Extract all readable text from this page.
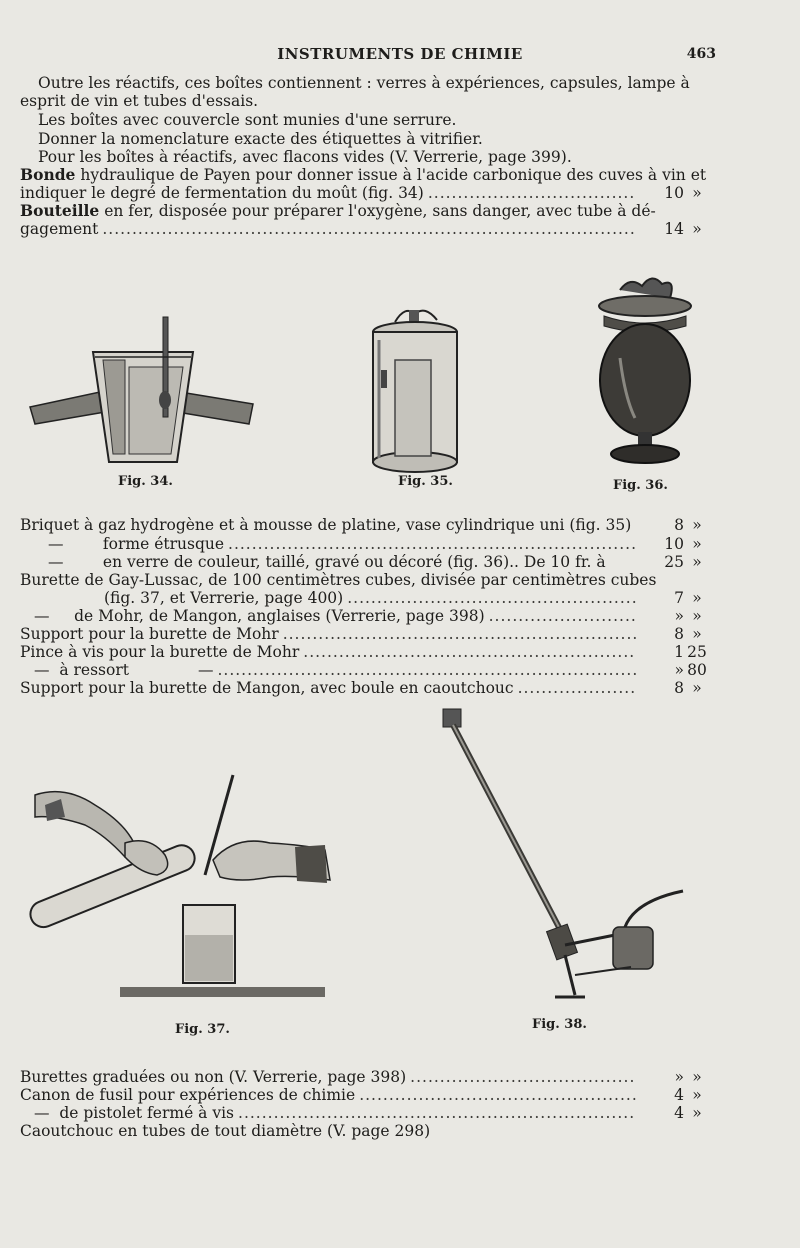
INSTRUMENTS DE CHIMIE	463
Outre les réactifs, ces boîtes contiennent : verres à expériences, capsules, lampe à
esprit de vin et tubes d'essais.
Les boîtes avec couvercle sont munies d'une serrure.
Donner la nomenclature exacte des étiquettes à vitrifier.
Pour les boîtes à réactifs, avec flacons vides (V. Verrerie, page 399).
Bonde hydraulique de Payen pour donner issue à l'acide carbonique des cuves à vin et
indiquer le degré de fermentation du moût (fig. 34) .....	10 »
Bouteille en fer, disposée pour préparer l'oxygène, sans danger, avec tube à dé-
gagement .....	14 »
Fig. 34.	Fig. 35.	Fig. 36.
Briquet à gaz hydrogène et à mousse de platine, vase cylindrique uni (fig. 35) .....	8 »
—        forme étrusque .....	10 »
—        en verre de couleur, taillé, gravé ou décoré (fig. 36).. De 10 fr. à	25 »
Burette de Gay-Lussac, de 100 centimètres cubes, divisée par centimètres cubes
(fig. 37, et Verrerie, page 400) .....	7 »
—     de Mohr, de Mangon, anglaises (Verrerie, page 398) .....	» »
Support pour la burette de Mohr .....	8 »
Pince à vis pour la burette de Mohr .....	1 25
—  à ressort              — .....	» 80
Support pour la burette de Mangon, avec boule en caoutchouc .....	8 »
Fig. 37.	Fig. 38.
Burettes graduées ou non (V. Verrerie, page 398) .....	» »
Canon de fusil pour expériences de chimie .....	4 »
—  de pistolet fermé à vis .....	4 »
Caoutchouc en tubes de tout diamètre (V. page 298)
